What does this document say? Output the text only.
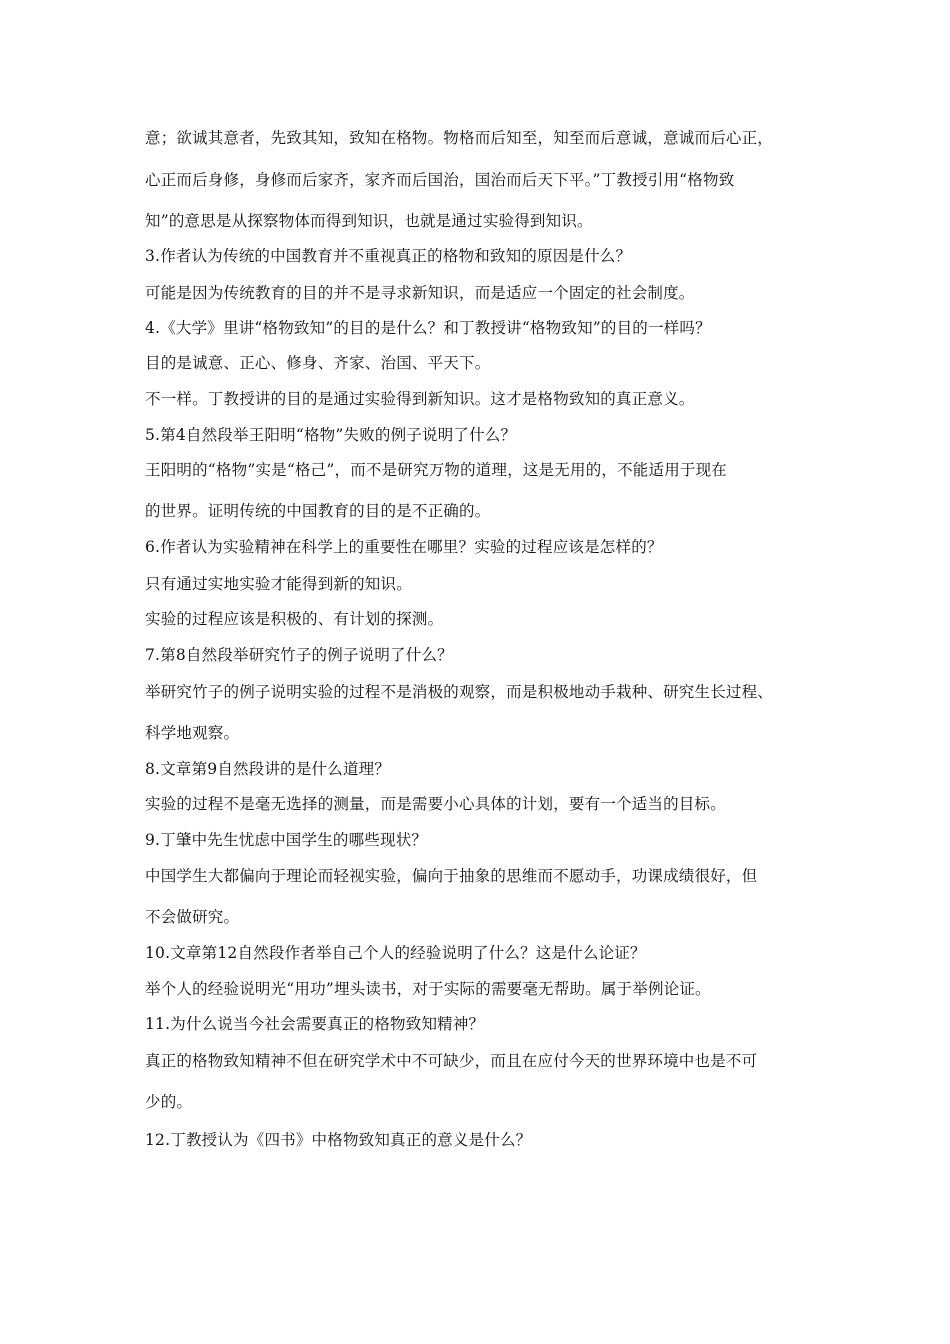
意；欲诚其意者，先致其知，致知在格物。物格而后知至，知至而后意诚，意诚而后心正，
心正而后身修，身修而后家齐，家齐而后国治，国治而后天下平。”丁教授引用“格物致
知”的意思是从探察物体而得到知识，也就是通过实验得到知识。
3.作者认为传统的中国教育并不重视真正的格物和致知的原因是什么？
可能是因为传统教育的目的并不是寻求新知识，而是适应一个固定的社会制度。
4.《大学》里讲“格物致知”的目的是什么？和丁教授讲“格物致知”的目的一样吗？
目的是诚意、正心、修身、齐家、治国、平天下。
不一样。丁教授讲的目的是通过实验得到新知识。这才是格物致知的真正意义。
5.第4自然段举王阳明“格物”失败的例子说明了什么？
王阳明的“格物”实是“格己”，而不是研究万物的道理，这是无用的，不能适用于现在
的世界。证明传统的中国教育的目的是不正确的。
6.作者认为实验精神在科学上的重要性在哪里？实验的过程应该是怎样的？
只有通过实地实验才能得到新的知识。
实验的过程应该是积极的、有计划的探测。
7.第8自然段举研究竹子的例子说明了什么？
举研究竹子的例子说明实验的过程不是消极的观察，而是积极地动手栽种、研究生长过程、
科学地观察。
8.文章第9自然段讲的是什么道理？
实验的过程不是毫无选择的测量，而是需要小心具体的计划，要有一个适当的目标。
9.丁肇中先生忧虑中国学生的哪些现状？
中国学生大都偏向于理论而轻视实验，偏向于抽象的思维而不愿动手，功课成绩很好，但
不会做研究。
10.文章第12自然段作者举自己个人的经验说明了什么？这是什么论证？
举个人的经验说明光“用功”埋头读书，对于实际的需要毫无帮助。属于举例论证。
11.为什么说当今社会需要真正的格物致知精神？
真正的格物致知精神不但在研究学术中不可缺少，而且在应付今天的世界环境中也是不可
少的。
12.丁教授认为《四书》中格物致知真正的意义是什么？
